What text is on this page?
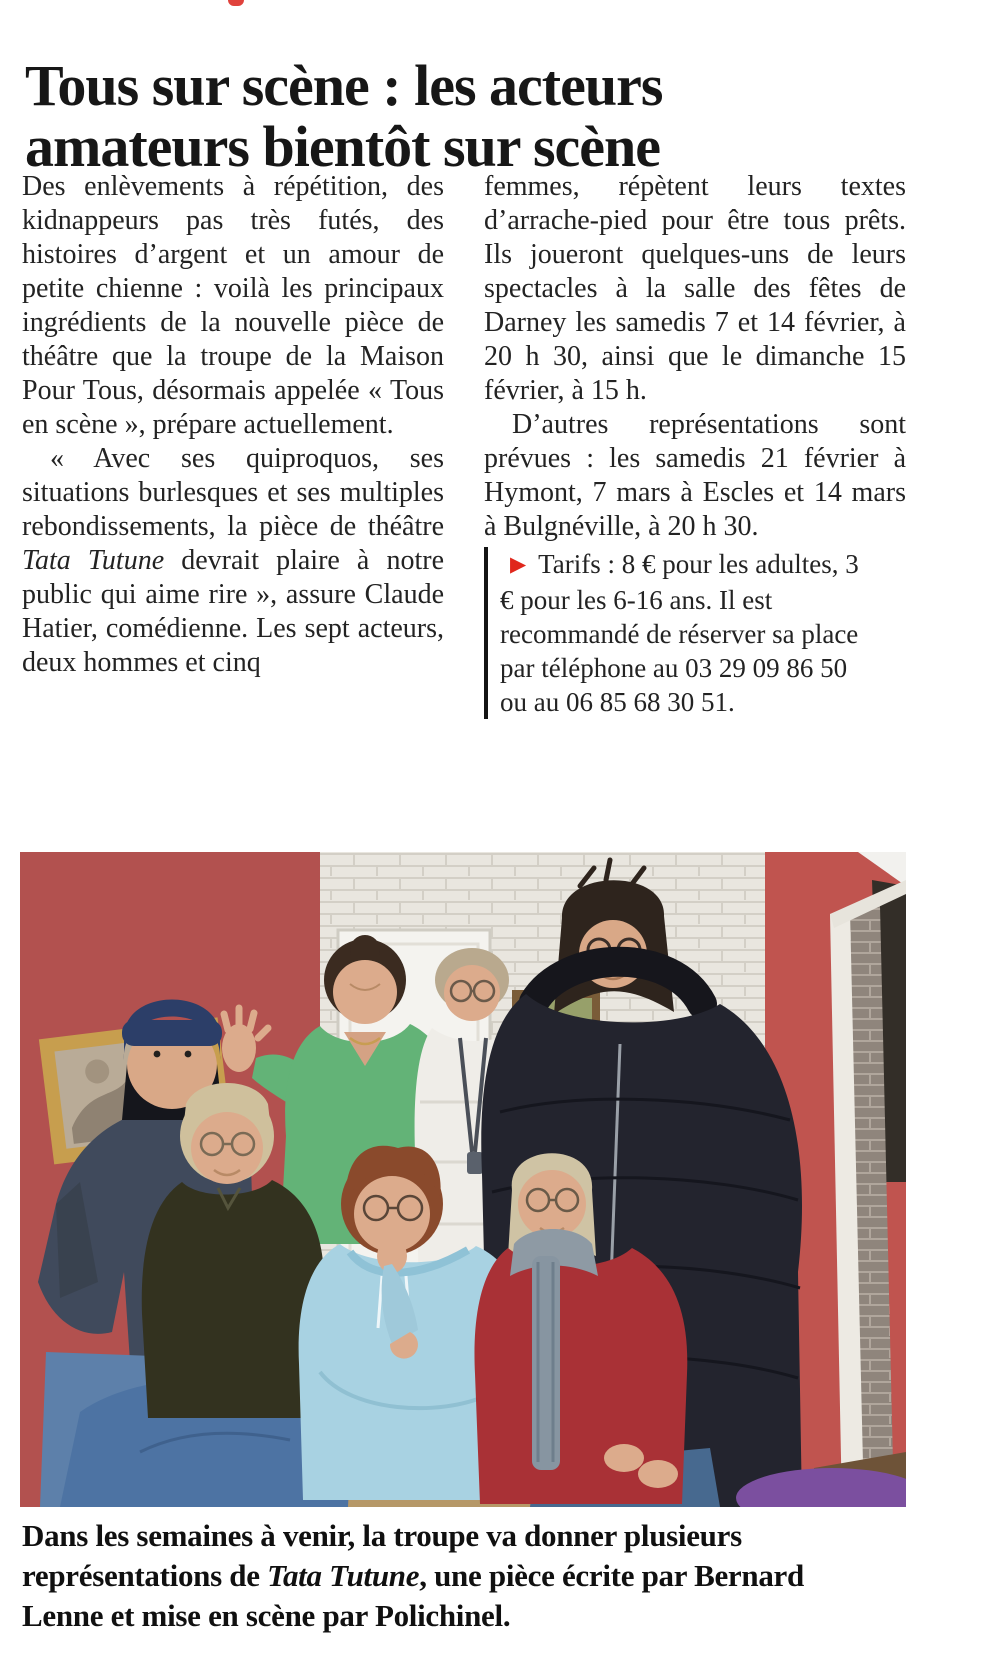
Tous sur scène : les acteurs
amateurs bientôt sur scène

Des enlèvements à répétition, des kidnappeurs pas très futés, des histoires d’argent et un amour de petite chienne : voilà les principaux ingrédients de la nouvelle pièce de théâtre que la troupe de la Maison Pour Tous, désormais appelée « Tous en scène », prépare actuellement.

« Avec ses quiproquos, ses situations burlesques et ses multiples rebondissements, la pièce de théâtre Tata Tutune devrait plaire à notre public qui aime rire », assure Claude Hatier, comédienne. Les sept acteurs, deux hommes et cinq

femmes, répètent leurs textes d’arrache-pied pour être tous prêts. Ils joueront quelques-uns de leurs spectacles à la salle des fêtes de Darney les samedis 7 et 14 février, à 20 h 30, ainsi que le dimanche 15 février, à 15 h.

D’autres représentations sont prévues : les samedis 21 février à Hymont, 7 mars à Escles et 14 mars à Bulgnéville, à 20 h 30.

▶ Tarifs : 8 € pour les adultes, 3 € pour les 6-16 ans. Il est recommandé de réserver sa place par téléphone au 03 29 09 86 50 ou au 06 85 68 30 51.
Dans les semaines à venir, la troupe va donner plusieurs représentations de Tata Tutune, une pièce écrite par Bernard Lenne et mise en scène par Polichinel.
